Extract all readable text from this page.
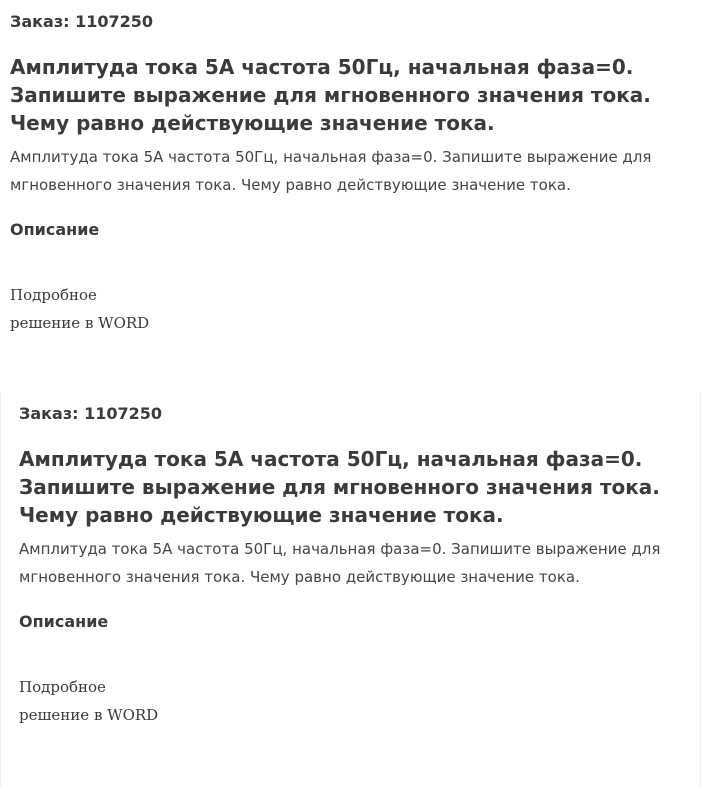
Заказ: 1107250
Амплитуда тока 5А частота 50Гц, начальная фаза=0. Запишите выражение для мгновенного значения тока. Чему равно действующие значение тока.

Амплитуда тока 5А частота 50Гц, начальная фаза=0. Запишите выражение для мгновенного значения тока. Чему равно действующие значение тока.

Описание
Подробное
решение в WORD
Заказ: 1107250
Амплитуда тока 5А частота 50Гц, начальная фаза=0. Запишите выражение для мгновенного значения тока. Чему равно действующие значение тока.

Амплитуда тока 5А частота 50Гц, начальная фаза=0. Запишите выражение для мгновенного значения тока. Чему равно действующие значение тока.

Описание
Подробное
решение в WORD
